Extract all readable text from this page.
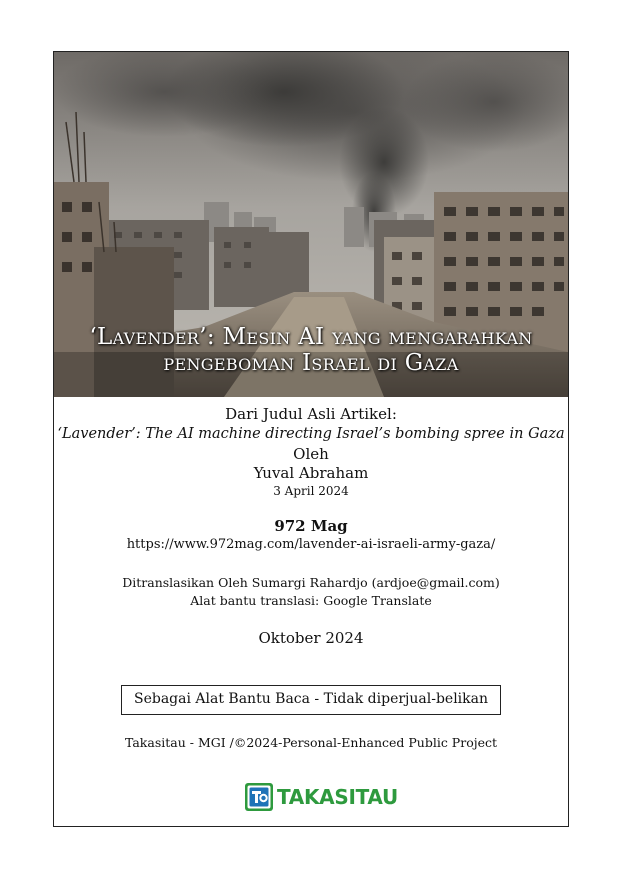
‘Lavender’: Mesin AI yang mengarahkan
pengeboman Israel di Gaza
Dari Judul Asli Artikel:
‘Lavender’: The AI machine directing Israel’s bombing spree in Gaza
Oleh
Yuval Abraham
3 April 2024
972 Mag
https://www.972mag.com/lavender-ai-israeli-army-gaza/
Ditranslasikan Oleh Sumargi Rahardjo (ardjoe@gmail.com)
Alat bantu translasi: Google Translate
Oktober 2024
Sebagai Alat Bantu Baca - Tidak diperjual-belikan
Takasitau - MGI /©2024-Personal-Enhanced Public Project
TAKASITAU
